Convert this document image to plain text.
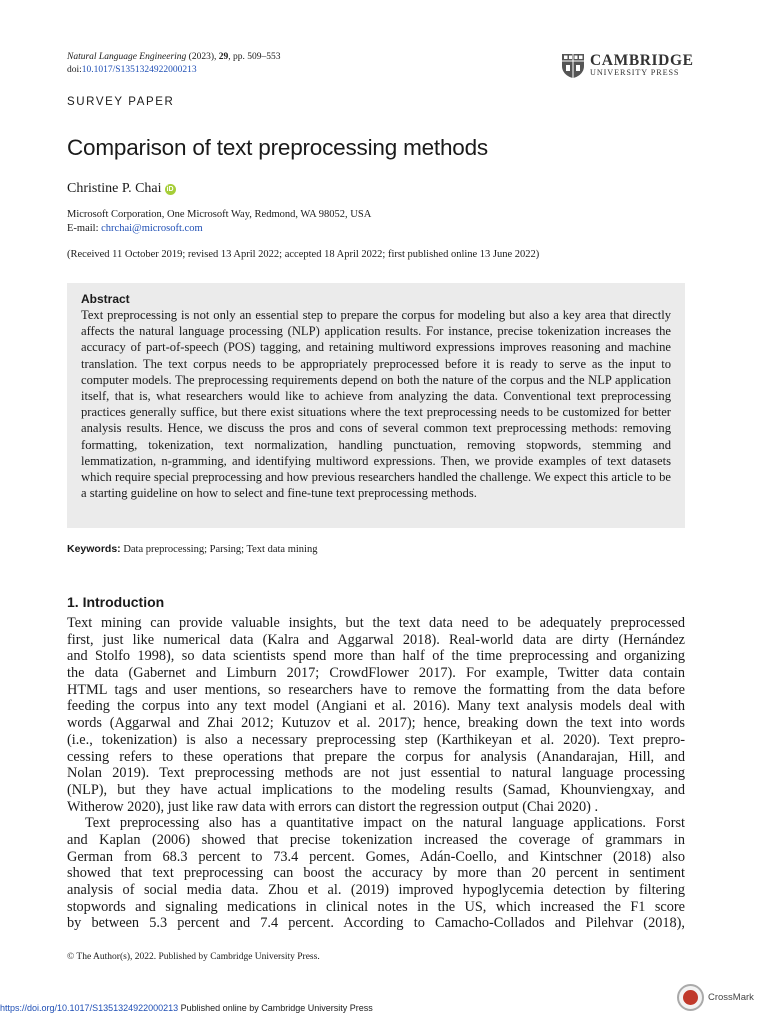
Natural Language Engineering (2023), 29, pp. 509–553
doi:10.1017/S1351324922000213
CAMBRIDGE
UNIVERSITY PRESS
SURVEY PAPER
Comparison of text preprocessing methods
Christine P. Chai iD
Microsoft Corporation, One Microsoft Way, Redmond, WA 98052, USA
E-mail: chrchai@microsoft.com
(Received 11 October 2019; revised 13 April 2022; accepted 18 April 2022; first published online 13 June 2022)
Abstract
Text preprocessing is not only an essential step to prepare the corpus for modeling but also a key area that directly affects the natural language processing (NLP) application results. For instance, precise tokenization increases the accuracy of part-of-speech (POS) tagging, and retaining multiword expressions improves reasoning and machine translation. The text corpus needs to be appropriately preprocessed before it is ready to serve as the input to computer models. The preprocessing requirements depend on both the nature of the corpus and the NLP application itself, that is, what researchers would like to achieve from analyzing the data. Conventional text preprocessing practices generally suffice, but there exist situations where the text preprocessing needs to be customized for better analysis results. Hence, we discuss the pros and cons of several common text preprocessing methods: removing formatting, tokenization, text normalization, handling punctuation, removing stopwords, stemming and lemmatization, n-gramming, and identifying multiword expressions. Then, we provide examples of text datasets which require special preprocessing and how previous researchers handled the challenge. We expect this article to be a starting guideline on how to select and fine-tune text preprocessing methods.
Keywords: Data preprocessing; Parsing; Text data mining
1. Introduction
Text mining can provide valuable insights, but the text data need to be adequately preprocessed
first, just like numerical data (Kalra and Aggarwal 2018). Real-world data are dirty (Hernández
and Stolfo 1998), so data scientists spend more than half of the time preprocessing and organizing
the data (Gabernet and Limburn 2017; CrowdFlower 2017). For example, Twitter data contain
HTML tags and user mentions, so researchers have to remove the formatting from the data before
feeding the corpus into any text model (Angiani et al. 2016). Many text analysis models deal with
words (Aggarwal and Zhai 2012; Kutuzov et al. 2017); hence, breaking down the text into words
(i.e., tokenization) is also a necessary preprocessing step (Karthikeyan et al. 2020). Text prepro-
cessing refers to these operations that prepare the corpus for analysis (Anandarajan, Hill, and
Nolan 2019). Text preprocessing methods are not just essential to natural language processing
(NLP), but they have actual implications to the modeling results (Samad, Khounviengxay, and
Witherow 2020), just like raw data with errors can distort the regression output (Chai 2020) .
Text preprocessing also has a quantitative impact on the natural language applications. Forst
and Kaplan (2006) showed that precise tokenization increased the coverage of grammars in
German from 68.3 percent to 73.4 percent. Gomes, Adán-Coello, and Kintschner (2018) also
showed that text preprocessing can boost the accuracy by more than 20 percent in sentiment
analysis of social media data. Zhou et al. (2019) improved hypoglycemia detection by filtering
stopwords and signaling medications in clinical notes in the US, which increased the F1 score
by between 5.3 percent and 7.4 percent. According to Camacho-Collados and Pilehvar (2018),
© The Author(s), 2022. Published by Cambridge University Press.
https://doi.org/10.1017/S1351324922000213 Published online by Cambridge University Press
CrossMark
